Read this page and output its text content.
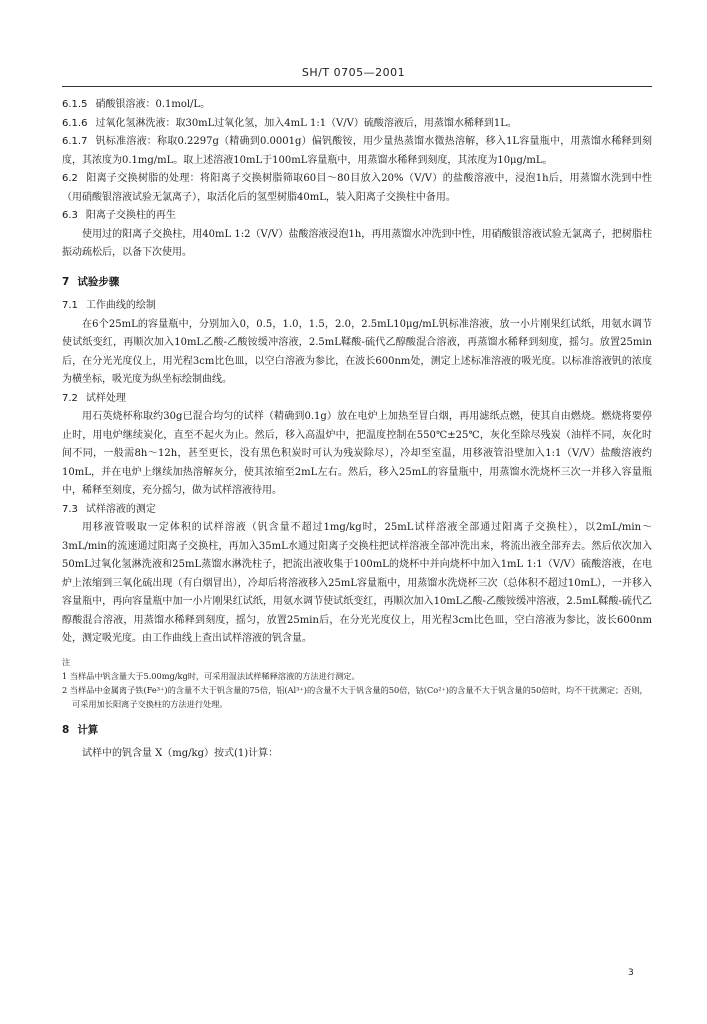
SH/T 0705—2001

6.1.5 硝酸银溶液：0.1mol/L。

6.1.6 过氧化氢淋洗液：取30mL过氧化氢，加入4mL 1:1（V/V）硫酸溶液后，用蒸馏水稀释到1L。

6.1.7 钒标准溶液：称取0.2297g（精确到0.0001g）偏钒酸铵，用少量热蒸馏水微热溶解，移入1L容量瓶中，用蒸馏水稀释到刻度，其浓度为0.1mg/mL。取上述溶液10mL于100mL容量瓶中，用蒸馏水稀释到刻度，其浓度为10μg/mL。

6.2 阳离子交换树脂的处理：将阳离子交换树脂筛取60目～80目放入20%（V/V）的盐酸溶液中，浸泡1h后，用蒸馏水洗到中性（用硝酸银溶液试验无氯离子），取活化后的氢型树脂40mL，装入阳离子交换柱中备用。

6.3 阳离子交换柱的再生

使用过的阳离子交换柱，用40mL 1:2（V/V）盐酸溶液浸泡1h，再用蒸馏水冲洗到中性，用硝酸银溶液试验无氯离子，把树脂柱振动疏松后，以备下次使用。

7 试验步骤

7.1 工作曲线的绘制

在6个25mL的容量瓶中，分别加入0，0.5，1.0，1.5，2.0，2.5mL10μg/mL钒标准溶液，放一小片刚果红试纸，用氨水调节使试纸变红，再顺次加入10mL乙酸-乙酸铵缓冲溶液，2.5mL鞣酸-硫代乙醇酸混合溶液，再蒸馏水稀释到刻度，摇匀。放置25min后，在分光光度仪上，用光程3cm比色皿，以空白溶液为参比，在波长600nm处，测定上述标准溶液的吸光度。以标准溶液钒的浓度为横坐标，吸光度为纵坐标绘制曲线。

7.2 试样处理

用石英烧杯称取约30g已混合均匀的试样（精确到0.1g）放在电炉上加热至冒白烟，再用滤纸点燃，使其自由燃烧。燃烧将要停止时，用电炉继续炭化，直至不起火为止。然后，移入高温炉中，把温度控制在550℃±25℃，灰化至除尽残炭（油样不同，灰化时间不同，一般需8h～12h，甚至更长，没有黑色积炭时可认为残炭除尽），冷却至室温，用移液管沿壁加入1:1（V/V）盐酸溶液约10mL，并在电炉上继续加热溶解灰分，使其浓缩至2mL左右。然后，移入25mL的容量瓶中，用蒸馏水洗烧杯三次一并移入容量瓶中，稀释至刻度，充分摇匀，做为试样溶液待用。

7.3 试样溶液的测定

用移液管吸取一定体积的试样溶液（钒含量不超过1mg/kg时，25mL试样溶液全部通过阳离子交换柱），以2mL/min～3mL/min的流速通过阳离子交换柱，再加入35mL水通过阳离子交换柱把试样溶液全部冲洗出来，将流出液全部弃去。然后依次加入50mL过氧化氢淋洗液和25mL蒸馏水淋洗柱子，把流出液收集于100mL的烧杯中并向烧杯中加入1mL 1:1（V/V）硫酸溶液，在电炉上浓缩到三氧化硫出现（有白烟冒出），冷却后将溶液移入25mL容量瓶中，用蒸馏水洗烧杯三次（总体积不超过10mL），一并移入容量瓶中，再向容量瓶中加一小片刚果红试纸，用氨水调节使试纸变红，再顺次加入10mL乙酸-乙酸铵缓冲溶液，2.5mL鞣酸-硫代乙醇酸混合溶液，用蒸馏水稀释到刻度，摇匀，放置25min后，在分光光度仪上，用光程3cm比色皿，空白溶液为参比，波长600nm处，测定吸光度。由工作曲线上查出试样溶液的钒含量。

注

1 当样品中钒含量大于5.00mg/kg时，可采用湿法试样稀释溶液的方法进行测定。

2 当样品中金属离子铁(Fe³⁺)的含量不大于钒含量的75倍，铝(Al³⁺)的含量不大于钒含量的50倍，钴(Co²⁺)的含量不大于钒含量的50倍时，均不干扰测定；否则，可采用加长阳离子交换柱的方法进行处理。

8 计算

试样中的钒含量 X（mg/kg）按式(1)计算：

3
